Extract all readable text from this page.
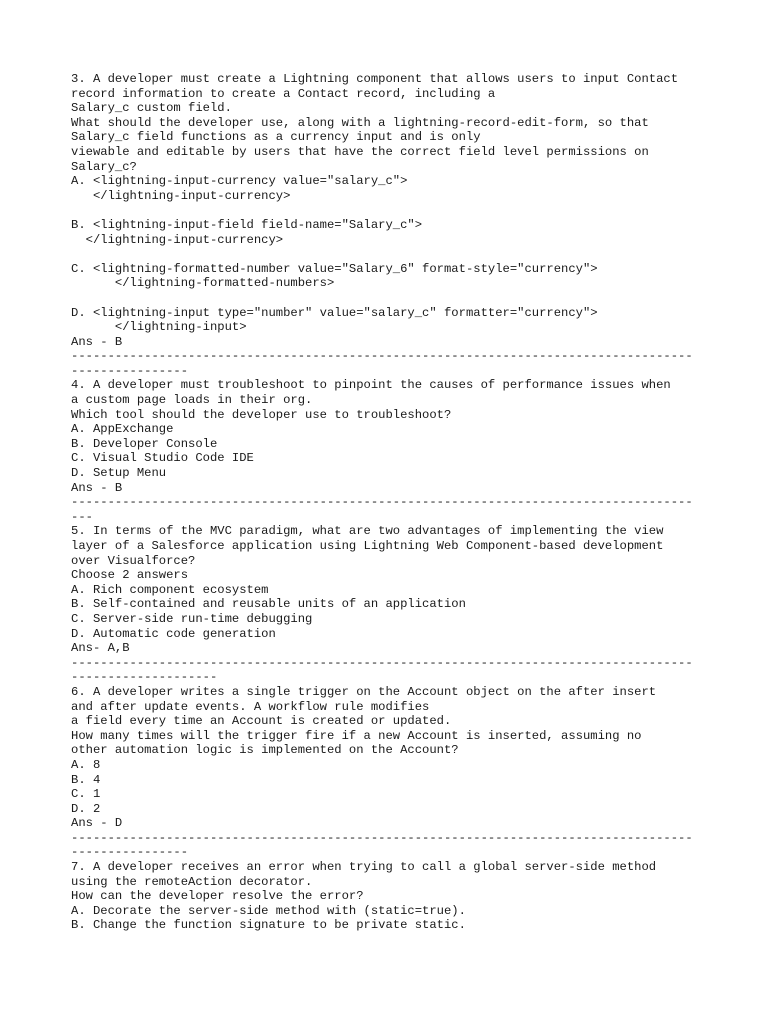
3. A developer must create a Lightning component that allows users to input Contact
record information to create a Contact record, including a
Salary_c custom field.
What should the developer use, along with a lightning-record-edit-form, so that
Salary_c field functions as a currency input and is only
viewable and editable by users that have the correct field level permissions on
Salary_c?
A. <lightning-input-currency value="salary_c">
</lightning-input-currency>

B. <lightning-input-field field-name="Salary_c">
</lightning-input-currency>

C. <lightning-formatted-number value="Salary_6" format-style="currency">
</lightning-formatted-numbers>

D. <lightning-input type="number" value="salary_c" formatter="currency">
</lightning-input>
Ans - B
-------------------------------------------------------------------------------------
----------------
4. A developer must troubleshoot to pinpoint the causes of performance issues when
a custom page loads in their org.
Which tool should the developer use to troubleshoot?
A. AppExchange
B. Developer Console
C. Visual Studio Code IDE
D. Setup Menu
Ans - B
-------------------------------------------------------------------------------------
---
5. In terms of the MVC paradigm, what are two advantages of implementing the view
layer of a Salesforce application using Lightning Web Component-based development
over Visualforce?
Choose 2 answers
A. Rich component ecosystem
B. Self-contained and reusable units of an application
C. Server-side run-time debugging
D. Automatic code generation
Ans- A,B
-------------------------------------------------------------------------------------
--------------------
6. A developer writes a single trigger on the Account object on the after insert
and after update events. A workflow rule modifies
a field every time an Account is created or updated.
How many times will the trigger fire if a new Account is inserted, assuming no
other automation logic is implemented on the Account?
A. 8
B. 4
C. 1
D. 2
Ans - D
-------------------------------------------------------------------------------------
----------------
7. A developer receives an error when trying to call a global server-side method
using the remoteAction decorator.
How can the developer resolve the error?
A. Decorate the server-side method with (static=true).
B. Change the function signature to be private static.
